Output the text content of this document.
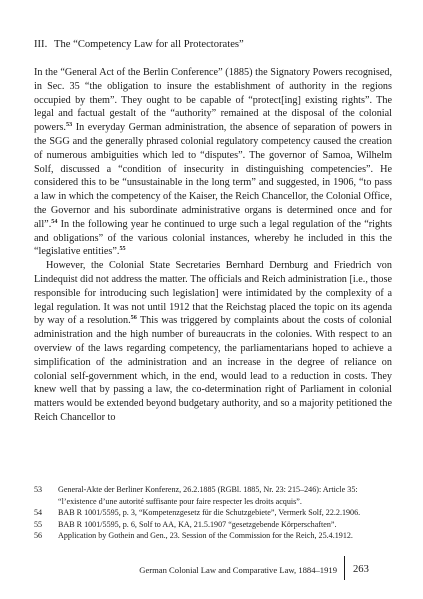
III. The “Competency Law for all Protectorates”

In the “General Act of the Berlin Conference” (1885) the Signatory Powers recognised, in Sec. 35 “the obligation to insure the establishment of authority in the regions occupied by them”. They ought to be capable of “protect[ing] existing rights”. The legal and factual gestalt of the “authority” remained at the disposal of the colonial powers.$^{53}$ In everyday German administration, the absence of separation of powers in the SGG and the generally phrased colonial regulatory competency caused the creation of numerous ambiguities which led to “disputes”. The governor of Samoa, Wilhelm Solf, discussed a “condition of insecurity in distinguishing competencies”. He considered this to be “unsustainable in the long term” and suggested, in 1906, “to pass a law in which the competency of the Kaiser, the Reich Chancellor, the Colonial Office, the Governor and his subordinate administrative organs is determined once and for all”.$^{54}$ In the following year he continued to urge such a legal regulation of the “rights and obligations” of the various colonial instances, whereby he included in this the “legislative entities”.$^{55}$

However, the Colonial State Secretaries Bernhard Dernburg and Friedrich von Lindequist did not address the matter. The officials and Reich administration [i.e., those responsible for introducing such legislation] were intimidated by the complexity of a legal regulation. It was not until 1912 that the Reichstag placed the topic on its agenda by way of a resolution.$^{56}$ This was triggered by complaints about the costs of colonial administration and the high number of bureaucrats in the colonies. With respect to an overview of the laws regarding competency, the parliamentarians hoped to achieve a simplification of the administration and an increase in the degree of reliance on colonial self-government which, in the end, would lead to a reduction in costs. They knew well that by passing a law, the co-determination right of Parliament in colonial matters would be extended beyond budgetary authority, and so a majority petitioned the Reich Chancellor to

53	General-Akte der Berliner Konferenz, 26.2.1885 (RGBl. 1885, Nr. 23: 215–246): Article 35: “l’existence d’une autorité suffisante pour faire respecter les droits acquis”.
54	BAB R 1001/5595, p. 3, “Kompetenzgesetz für die Schutzgebiete”, Vermerk Solf, 22.2.1906.
55	BAB R 1001/5595, p. 6, Solf to AA, KA, 21.5.1907 “gesetzgebende Körperschaften”.
56	Application by Gothein and Gen., 23. Session of the Commission for the Reich, 25.4.1912.
German Colonial Law and Comparative Law, 1884–1919 263
